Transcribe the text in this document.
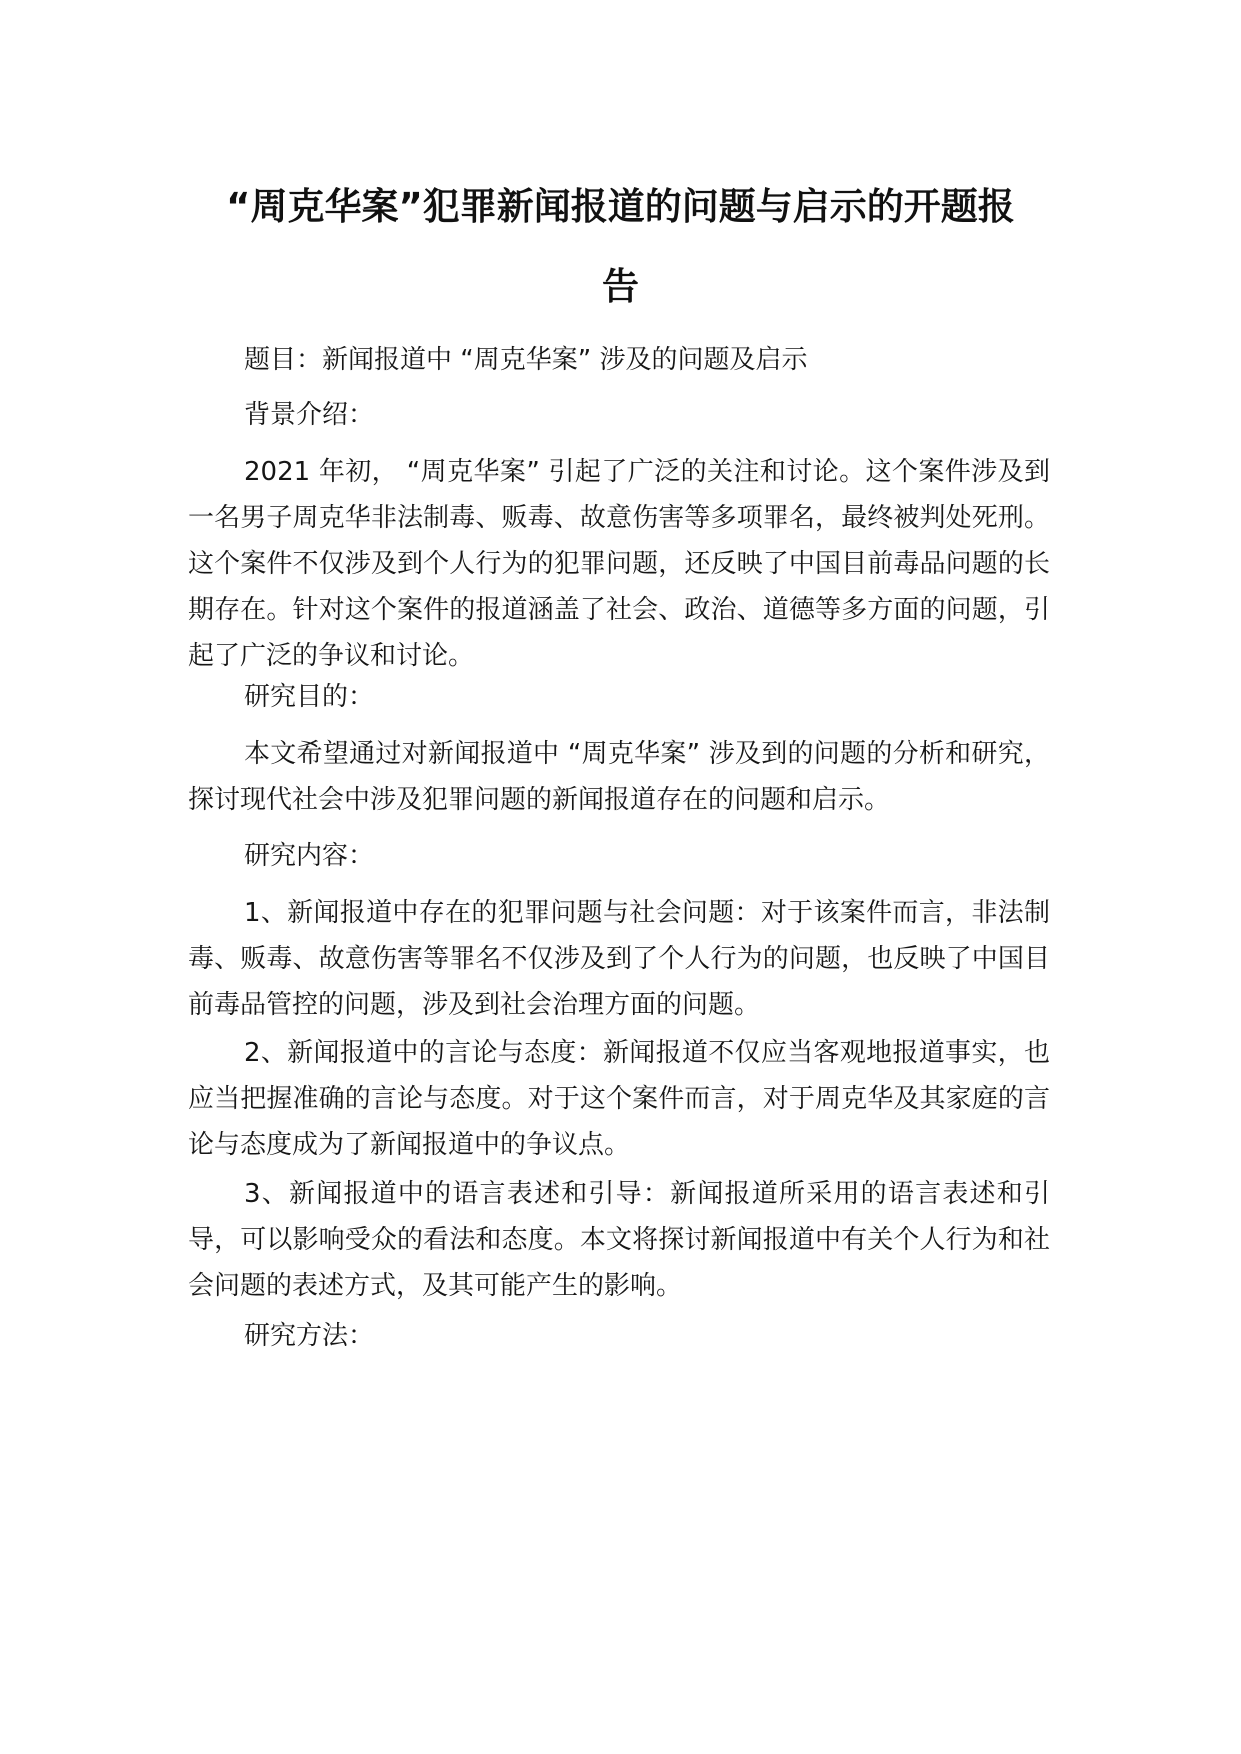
“周克华案”犯罪新闻报道的问题与启示的开题报
告
题目：新闻报道中 “周克华案” 涉及的问题及启示
背景介绍：

2021 年初， “周克华案” 引起了广泛的关注和讨论。这个案件涉及到一名男子周克华非法制毒、贩毒、故意伤害等多项罪名，最终被判处死刑。这个案件不仅涉及到个人行为的犯罪问题，还反映了中国目前毒品问题的长期存在。针对这个案件的报道涵盖了社会、政治、道德等多方面的问题，引起了广泛的争议和讨论。

研究目的：

本文希望通过对新闻报道中 “周克华案” 涉及到的问题的分析和研究，探讨现代社会中涉及犯罪问题的新闻报道存在的问题和启示。

研究内容：

1、新闻报道中存在的犯罪问题与社会问题：对于该案件而言，非法制毒、贩毒、故意伤害等罪名不仅涉及到了个人行为的问题，也反映了中国目前毒品管控的问题，涉及到社会治理方面的问题。

2、新闻报道中的言论与态度：新闻报道不仅应当客观地报道事实，也应当把握准确的言论与态度。对于这个案件而言，对于周克华及其家庭的言论与态度成为了新闻报道中的争议点。

3、新闻报道中的语言表述和引导：新闻报道所采用的语言表述和引导，可以影响受众的看法和态度。本文将探讨新闻报道中有关个人行为和社会问题的表述方式，及其可能产生的影响。

研究方法：
